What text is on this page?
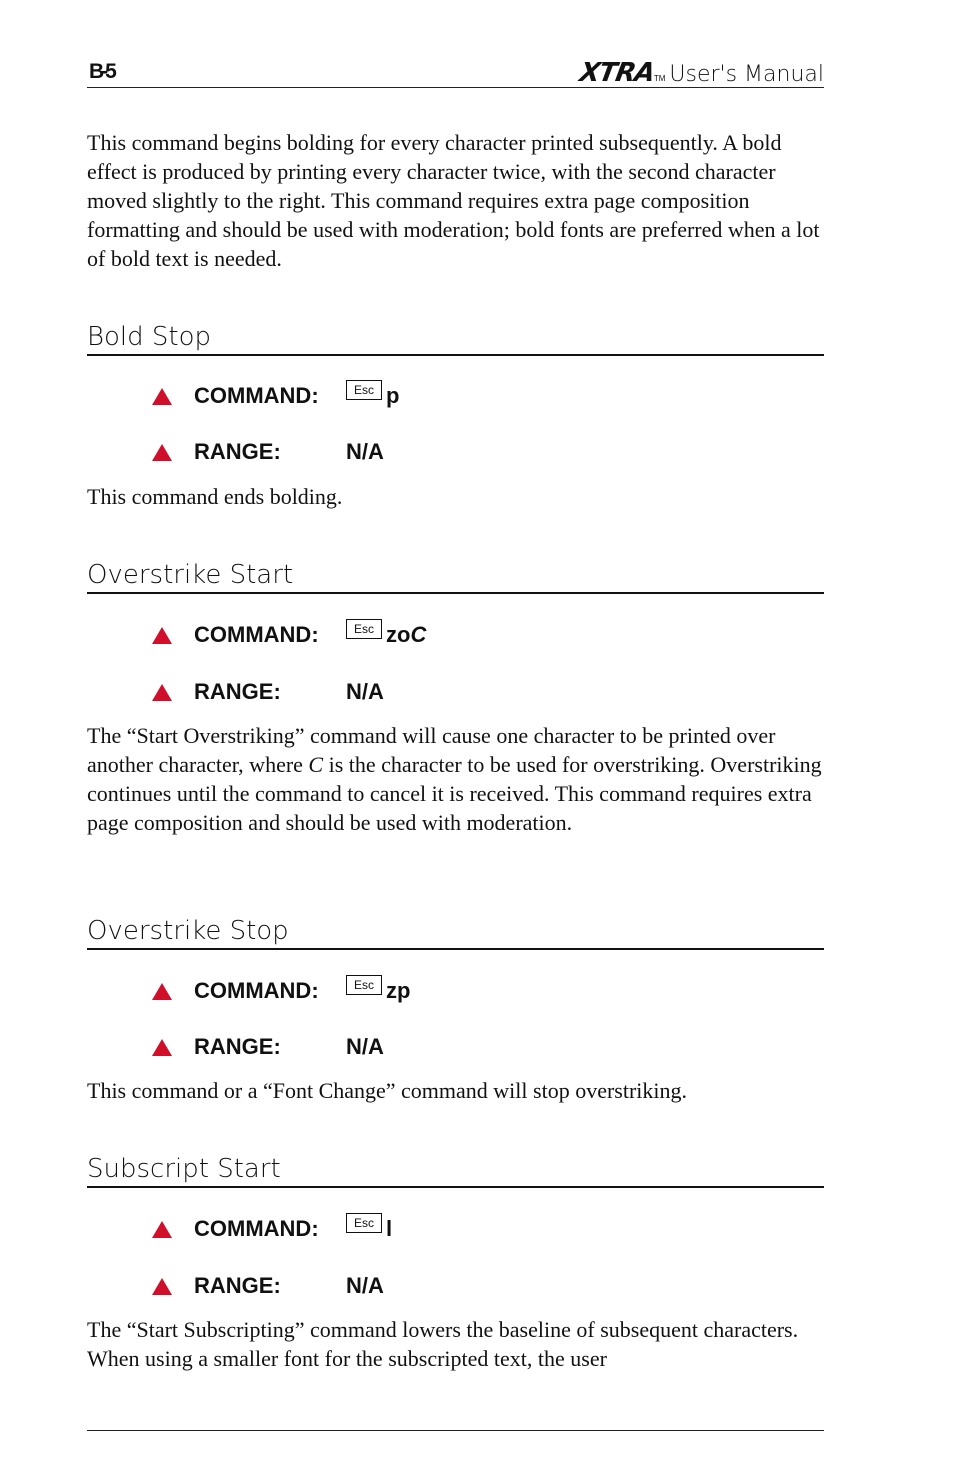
B-5	XTRA
TM User's Manual

This command begins bolding for every character printed subsequently. A bold effect is produced by printing every character twice, with the second character moved slightly to the right. This command requires extra page composition formatting and should be used with moderation; bold fonts are preferred when a lot of bold text is needed.

Bold Stop
COMMAND:	Esc p
RANGE:	N/A

This command ends bolding.

Overstrike Start
COMMAND:	Esc zoC
RANGE:	N/A

The “Start Overstriking” command will cause one character to be printed over another character, where C is the character to be used for overstriking. Overstriking continues until the command to cancel it is received. This command requires extra page composition and should be used with moderation.

Overstrike Stop
COMMAND:	Esc zp
RANGE:	N/A

This command or a “Font Change” command will stop overstriking.

Subscript Start
COMMAND:	Esc l
RANGE:	N/A

The “Start Subscripting” command lowers the baseline of subsequent characters. When using a smaller font for the subscripted text, the user
